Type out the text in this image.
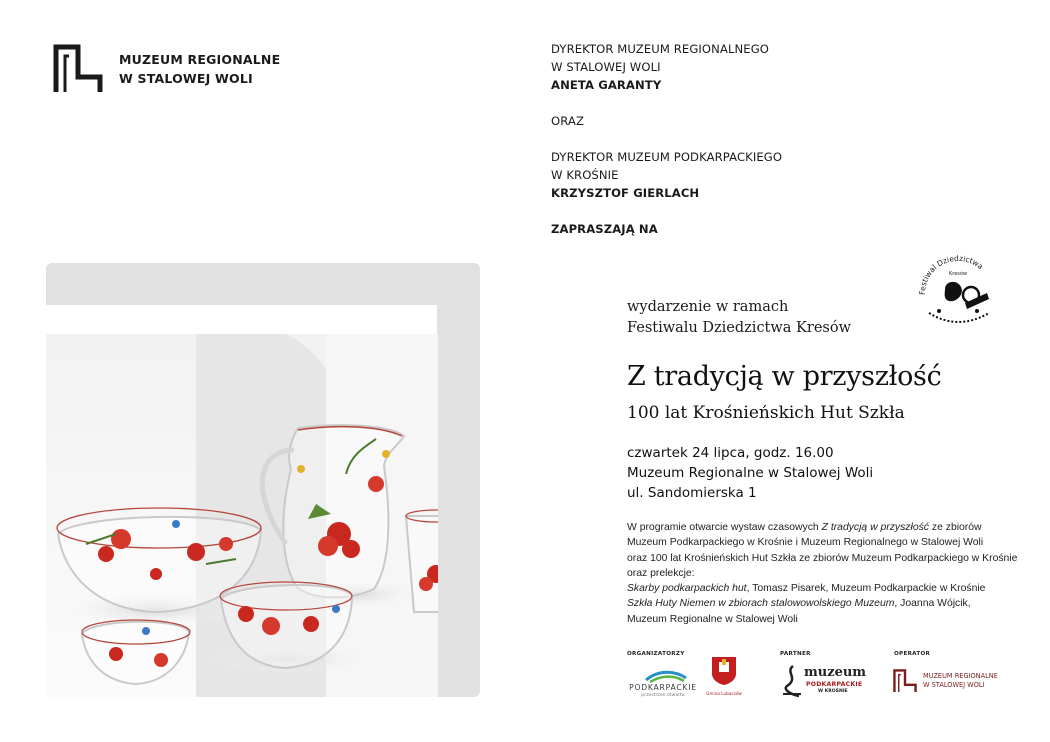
MUZEUM REGIONALNE
W STALOWEJ WOLI
DYREKTOR MUZEUM REGIONALNEGO
W STALOWEJ WOLI
ANETA GARANTY
ORAZ
DYREKTOR MUZEUM PODKARPACKIEGO
W KROŚNIE
KRZYSZTOF GIERLACH
ZAPRASZAJĄ NA
Festiwal Dziedzictwa
Kresów
wydarzenie w ramach
Festiwalu Dziedzictwa Kresów
Z tradycją w przyszłość
100 lat Krośnieńskich Hut Szkła
czwartek 24 lipca, godz. 16.00
Muzeum Regionalne w Stalowej Woli
ul. Sandomierska 1
W programie otwarcie wystaw czasowych Z tradycją w przyszłość ze zbiorów
Muzeum Podkarpackiego w Krośnie i Muzeum Regionalnego w Stalowej Woli
oraz 100 lat Krośnieńskich Hut Szkła ze zbiorów Muzeum Podkarpackiego w Krośnie
oraz prelekcje:
Skarby podkarpackich hut, Tomasz Pisarek, Muzeum Podkarpackie w Krośnie
Szkła Huty Niemen w zbiorach stalowowolskiego Muzeum, Joanna Wójcik,
Muzeum Regionalne w Stalowej Woli
ORGANIZATORZY	PARTNER	OPERATOR
PODKARPACKIE
przestrzeń otwarta	Gmina Lubaczów
muzeum
PODKARPACKIE
W KROŚNIE
MUZEUM REGIONALNE
W STALOWEJ WOLI
